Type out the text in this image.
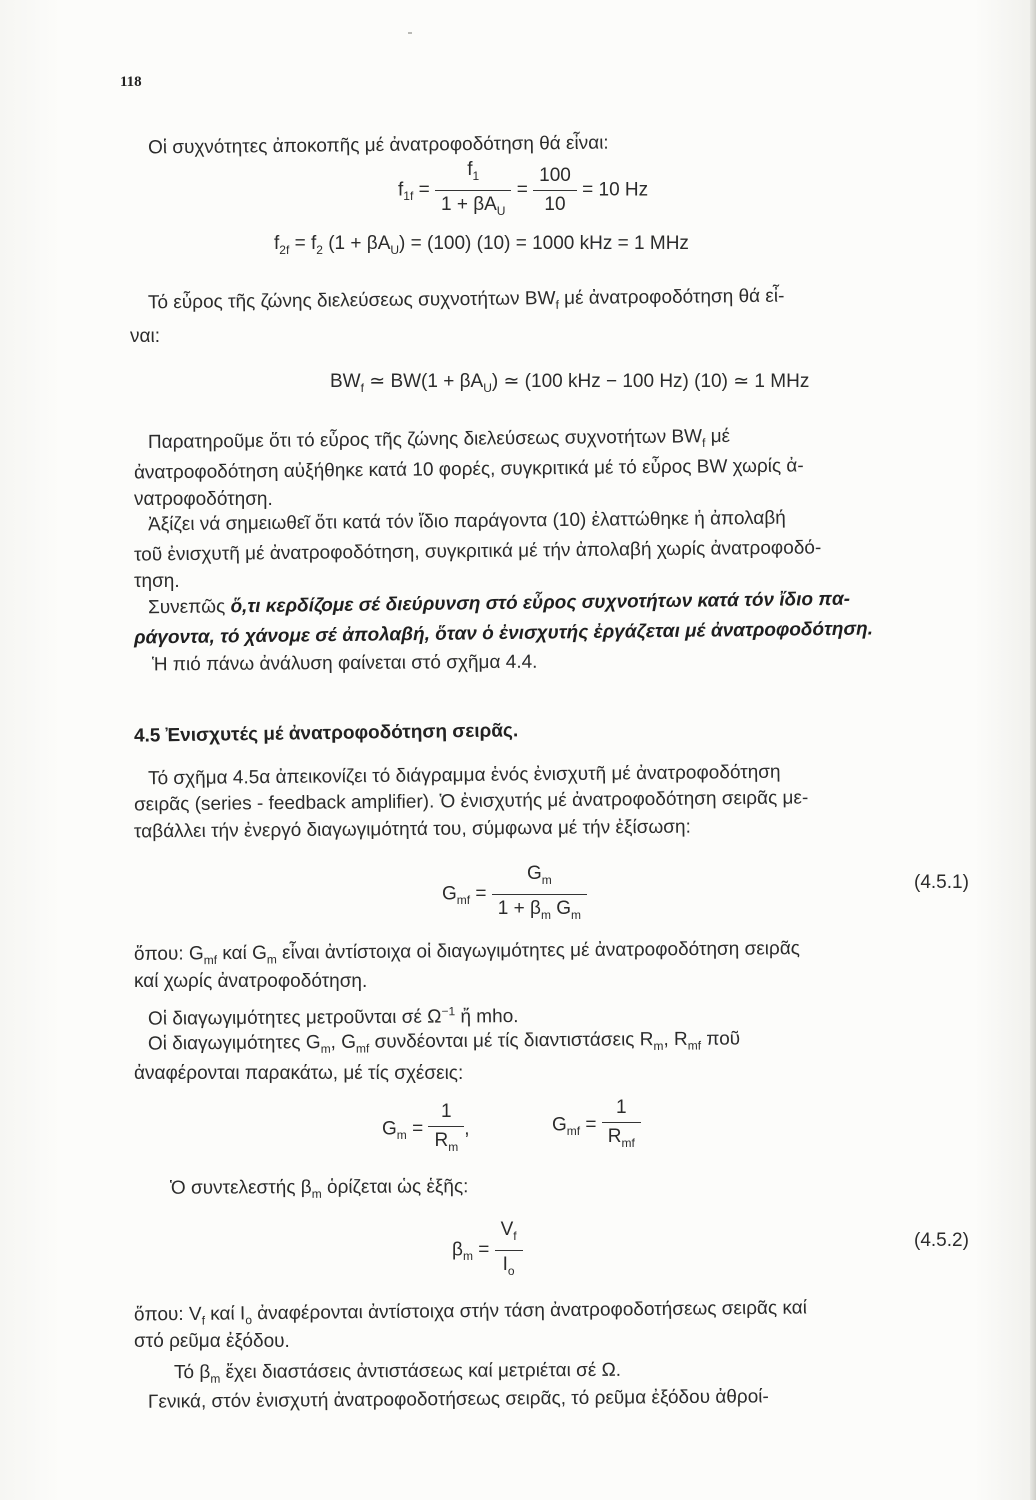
118
Οἱ συχνότητες ἀποκοπῆς μέ ἀνατροφοδότηση θά εἶναι:
$f_{1f} = \frac{f_1}{1 + \beta A_U} = \frac{100}{10} = 10$ Hz
$f_{2f} = f_2$ $(1 + \beta A_U) = (100)$ (10) = 1000 kHz = 1 MHz
Τό εὖρος τῆς ζώνης διελεύσεως συχνοτήτων $BW_f$ μέ ἀνατροφοδότηση θά εἶ-
ναι:
$BW_f$ ≃ $BW(1 + \beta A_U)$ ≃ (100 kHz − 100 Hz) (10) ≃ 1 MHz
Παρατηροῦμε ὅτι τό εὖρος τῆς ζώνης διελεύσεως συχνοτήτων $BW_f$ μέ
ἀνατροφοδότηση αὐξήθηκε κατά 10 φορές, συγκριτικά μέ τό εὖρος BW χωρίς ἀ-
νατροφοδότηση.
Ἀξίζει νά σημειωθεῖ ὅτι κατά τόν ἴδιο παράγοντα (10) ἐλαττώθηκε ἡ ἀπολαβή
τοῦ ἐνισχυτῆ μέ ἀνατροφοδότηση, συγκριτικά μέ τήν ἀπολαβή χωρίς ἀνατροφοδό-
τηση.
Συνεπῶς ὅ,τι κερδίζομε σέ διεύρυνση στό εὖρος συχνοτήτων κατά τόν ἴδιο πα-
ράγοντα, τό χάνομε σέ ἀπολαβή, ὅταν ὁ ἐνισχυτής ἐργάζεται μέ ἀνατροφοδότηση.
Ἡ πιό πάνω ἀνάλυση φαίνεται στό σχῆμα 4.4.
4.5 Ἐνισχυτές μέ ἀνατροφοδότηση σειρᾶς.
Τό σχῆμα 4.5α ἀπεικονίζει τό διάγραμμα ἑνός ἐνισχυτῆ μέ ἀνατροφοδότηση
σειρᾶς (series - feedback amplifier). Ὁ ἐνισχυτής μέ ἀνατροφοδότηση σειρᾶς με-
ταβάλλει τήν ἐνεργό διαγωγιμότητά του, σύμφωνα μέ τήν ἐξίσωση:
$G_{mf} = \frac{G_m}{1 + \beta_m G_m}$	(4.5.1)
ὅπου: $G_{mf}$ καί $G_m$ εἶναι ἀντίστοιχα οἱ διαγωγιμότητες μέ ἀνατροφοδότηση σειρᾶς
καί χωρίς ἀνατροφοδότηση.
Οἱ διαγωγιμότητες μετροῦνται σέ $\Omega^{-1}$ ἤ mho.
Οἱ διαγωγιμότητες $G_m$, $G_{mf}$ συνδέονται μέ τίς διαντιστάσεις $R_m$, $R_{mf}$ ποῦ
ἀναφέρονται παρακάτω, μέ τίς σχέσεις:
$G_m = \frac{1}{R_m}$ ,	$G_{mf} = \frac{1}{R_{mf}}$
Ὁ συντελεστής $\beta_m$ ὁρίζεται ὡς ἑξῆς:
$\beta_m = \frac{V_f}{I_o}$	(4.5.2)
ὅπου: $V_f$ καί $I_o$ ἀναφέρονται ἀντίστοιχα στήν τάση ἀνατροφοδοτήσεως σειρᾶς καί
στό ρεῦμα ἐξόδου.
Τό $\beta_m$ ἔχει διαστάσεις ἀντιστάσεως καί μετριέται σέ Ω.
Γενικά, στόν ἐνισχυτή ἀνατροφοδοτήσεως σειρᾶς, τό ρεῦμα ἐξόδου ἀθροί-
